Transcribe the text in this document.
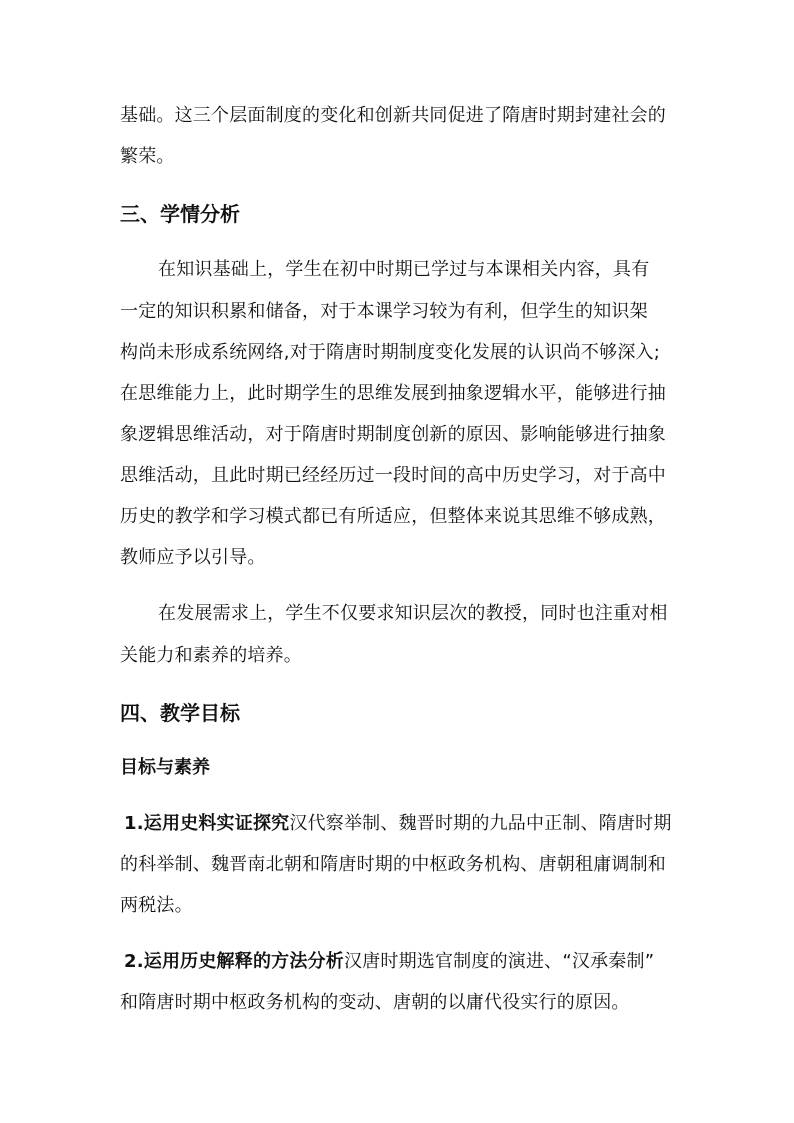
基础。这三个层面制度的变化和创新共同促进了隋唐时期封建社会的
繁荣。
三、学情分析
在知识基础上，学生在初中时期已学过与本课相关内容，具有
一定的知识积累和储备，对于本课学习较为有利，但学生的知识架
构尚未形成系统网络,对于隋唐时期制度变化发展的认识尚不够深入;
在思维能力上，此时期学生的思维发展到抽象逻辑水平，能够进行抽
象逻辑思维活动，对于隋唐时期制度创新的原因、影响能够进行抽象
思维活动，且此时期已经经历过一段时间的高中历史学习，对于高中
历史的教学和学习模式都已有所适应，但整体来说其思维不够成熟，
教师应予以引导。
在发展需求上，学生不仅要求知识层次的教授，同时也注重对相
关能力和素养的培养。
四、教学目标
目标与素养
1.运用史料实证探究汉代察举制、魏晋时期的九品中正制、隋唐时期
的科举制、魏晋南北朝和隋唐时期的中枢政务机构、唐朝租庸调制和
两税法。
2.运用历史解释的方法分析汉唐时期选官制度的演进、“汉承秦制”
和隋唐时期中枢政务机构的变动、唐朝的以庸代役实行的原因。
